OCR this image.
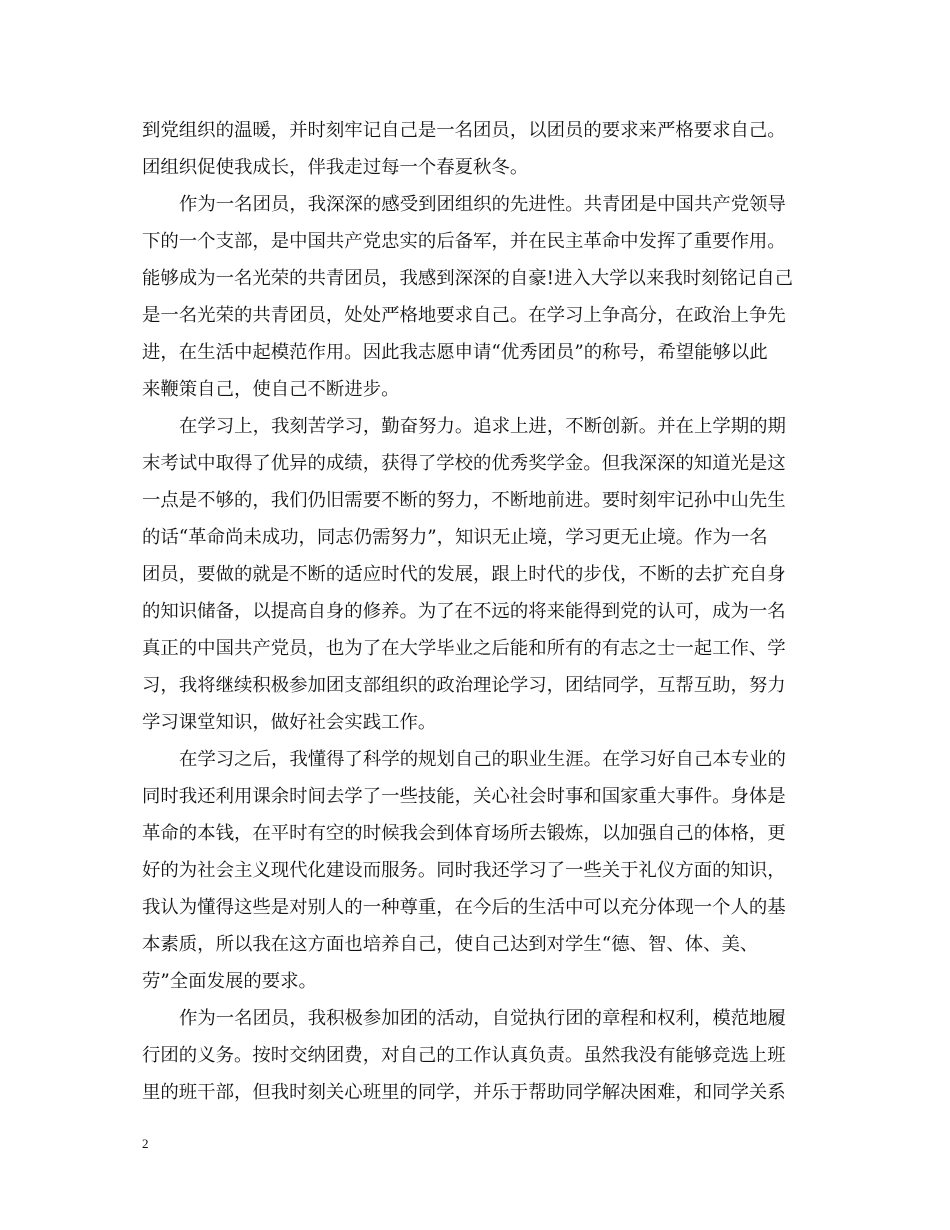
到党组织的温暖，并时刻牢记自己是一名团员，以团员的要求来严格要求自己。
团组织促使我成长，伴我走过每一个春夏秋冬。
作为一名团员，我深深的感受到团组织的先进性。共青团是中国共产党领导
下的一个支部，是中国共产党忠实的后备军，并在民主革命中发挥了重要作用。
能够成为一名光荣的共青团员，我感到深深的自豪!进入大学以来我时刻铭记自己
是一名光荣的共青团员，处处严格地要求自己。在学习上争高分，在政治上争先
进，在生活中起模范作用。因此我志愿申请“优秀团员”的称号，希望能够以此
来鞭策自己，使自己不断进步。
在学习上，我刻苦学习，勤奋努力。追求上进，不断创新。并在上学期的期
末考试中取得了优异的成绩，获得了学校的优秀奖学金。但我深深的知道光是这
一点是不够的，我们仍旧需要不断的努力，不断地前进。要时刻牢记孙中山先生
的话“革命尚未成功，同志仍需努力”，知识无止境，学习更无止境。作为一名
团员，要做的就是不断的适应时代的发展，跟上时代的步伐，不断的去扩充自身
的知识储备，以提高自身的修养。为了在不远的将来能得到党的认可，成为一名
真正的中国共产党员，也为了在大学毕业之后能和所有的有志之士一起工作、学
习，我将继续积极参加团支部组织的政治理论学习，团结同学，互帮互助，努力
学习课堂知识，做好社会实践工作。
在学习之后，我懂得了科学的规划自己的职业生涯。在学习好自己本专业的
同时我还利用课余时间去学了一些技能，关心社会时事和国家重大事件。身体是
革命的本钱，在平时有空的时候我会到体育场所去锻炼，以加强自己的体格，更
好的为社会主义现代化建设而服务。同时我还学习了一些关于礼仪方面的知识，
我认为懂得这些是对别人的一种尊重，在今后的生活中可以充分体现一个人的基
本素质，所以我在这方面也培养自己，使自己达到对学生“德、智、体、美、
劳”全面发展的要求。
作为一名团员，我积极参加团的活动，自觉执行团的章程和权利，模范地履
行团的义务。按时交纳团费，对自己的工作认真负责。虽然我没有能够竞选上班
里的班干部，但我时刻关心班里的同学，并乐于帮助同学解决困难，和同学关系
2
